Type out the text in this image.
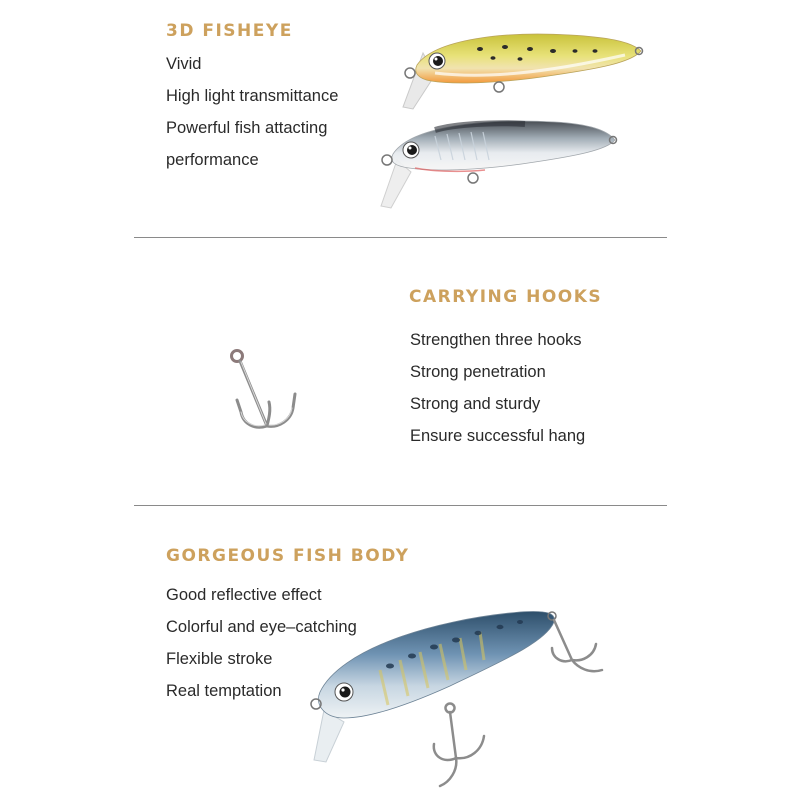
3D FISHEYE
Vivid
High light transmittance
Powerful fish attacting
performance
CARRYING HOOKS
Strengthen three hooks
Strong penetration
Strong and sturdy
Ensure successful hang
GORGEOUS FISH BODY
Good reflective effect
Colorful and eye–catching
Flexible stroke
Real temptation
